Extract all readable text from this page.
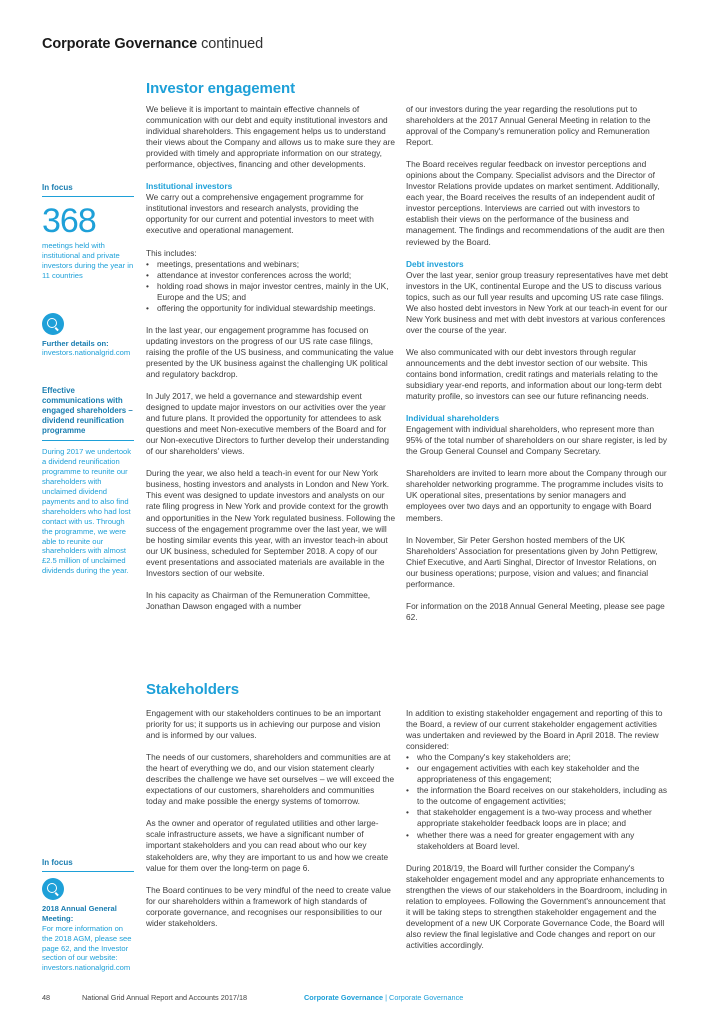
Corporate Governance continued
Investor engagement

We believe it is important to maintain effective channels of communication with our debt and equity institutional investors and individual shareholders. This engagement helps us to understand their views about the Company and allows us to make sure they are provided with timely and appropriate information on our strategy, performance, objectives, financing and other developments.

Institutional investors
We carry out a comprehensive engagement programme for institutional investors and research analysts, providing the opportunity for our current and potential investors to meet with executive and operational management.

This includes:
• meetings, presentations and webinars;
• attendance at investor conferences across the world;
• holding road shows in major investor centres, mainly in the UK, Europe and the US; and
• offering the opportunity for individual stewardship meetings.

In the last year, our engagement programme has focused on updating investors on the progress of our US rate case filings, raising the profile of the US business, and communicating the value presented by the UK business against the challenging UK political and regulatory backdrop.

In July 2017, we held a governance and stewardship event designed to update major investors on our activities over the year and future plans. It provided the opportunity for attendees to ask questions and meet Non-executive members of the Board and for our Non-executive Directors to further develop their understanding of our shareholders' views.

During the year, we also held a teach-in event for our New York business, hosting investors and analysts in London and New York. This event was designed to update investors and analysts on our rate filing progress in New York and provide context for the growth and opportunities in the New York regulated business. Following the success of the engagement programme over the last year, we will be hosting similar events this year, with an investor teach-in about our UK business, scheduled for September 2018. A copy of our event presentations and associated materials are available in the Investors section of our website.

In his capacity as Chairman of the Remuneration Committee, Jonathan Dawson engaged with a number

of our investors during the year regarding the resolutions put to shareholders at the 2017 Annual General Meeting in relation to the approval of the Company's remuneration policy and Remuneration Report.

The Board receives regular feedback on investor perceptions and opinions about the Company. Specialist advisors and the Director of Investor Relations provide updates on market sentiment. Additionally, each year, the Board receives the results of an independent audit of investor perceptions. Interviews are carried out with investors to establish their views on the performance of the business and management. The findings and recommendations of the audit are then reviewed by the Board.

Debt investors
Over the last year, senior group treasury representatives have met debt investors in the UK, continental Europe and the US to discuss various topics, such as our full year results and upcoming US rate case filings. We also hosted debt investors in New York at our teach-in event for our New York business and met with debt investors at various conferences over the course of the year.

We also communicated with our debt investors through regular announcements and the debt investor section of our website. This contains bond information, credit ratings and materials relating to the subsidiary year-end reports, and information about our long-term debt maturity profile, so investors can see our future refinancing needs.

Individual shareholders
Engagement with individual shareholders, who represent more than 95% of the total number of shareholders on our share register, is led by the Group General Counsel and Company Secretary.

Shareholders are invited to learn more about the Company through our shareholder networking programme. The programme includes visits to UK operational sites, presentations by senior managers and employees over two days and an opportunity to engage with Board members.

In November, Sir Peter Gershon hosted members of the UK Shareholders' Association for presentations given by John Pettigrew, Chief Executive, and Aarti Singhal, Director of Investor Relations, on our business operations; purpose, vision and values; and financial performance.

For information on the 2018 Annual General Meeting, please see page 62.

In focus
368
meetings held with institutional and private investors during the year in 11 countries
Further details on:
investors.nationalgrid.com
Effective communications with engaged shareholders – dividend reunification programme
During 2017 we undertook a dividend reunification programme to reunite our shareholders with unclaimed dividend payments and to also find shareholders who had lost contact with us. Through the programme, we were able to reunite our shareholders with almost £2.5 million of unclaimed dividends during the year.
Stakeholders

Engagement with our stakeholders continues to be an important priority for us; it supports us in achieving our purpose and vision and is informed by our values.

The needs of our customers, shareholders and communities are at the heart of everything we do, and our vision statement clearly describes the challenge we have set ourselves – we will exceed the expectations of our customers, shareholders and communities today and make possible the energy systems of tomorrow.

As the owner and operator of regulated utilities and other large-scale infrastructure assets, we have a significant number of important stakeholders and you can read about who our key stakeholders are, why they are important to us and how we create value for them over the long-term on page 6.

The Board continues to be very mindful of the need to create value for our shareholders within a framework of high standards of corporate governance, and recognises our responsibilities to our wider stakeholders.

In addition to existing stakeholder engagement and reporting of this to the Board, a review of our current stakeholder engagement activities was undertaken and reviewed by the Board in April 2018. The review considered:
• who the Company's key stakeholders are;
• our engagement activities with each key stakeholder and the appropriateness of this engagement;
• the information the Board receives on our stakeholders, including as to the outcome of engagement activities;
• that stakeholder engagement is a two-way process and whether appropriate stakeholder feedback loops are in place; and
• whether there was a need for greater engagement with any stakeholders at Board level.

During 2018/19, the Board will further consider the Company's stakeholder engagement model and any appropriate enhancements to strengthen the views of our stakeholders in the Boardroom, including in relation to employees. Following the Government's announcement that it will be taking steps to strengthen stakeholder engagement and the development of a new UK Corporate Governance Code, the Board will also review the final legislative and Code changes and report on our activities accordingly.

In focus
2018 Annual General Meeting:
For more information on the 2018 AGM, please see page 62, and the Investor section of our website:
investors.nationalgrid.com
48	National Grid Annual Report and Accounts 2017/18	Corporate Governance | Corporate Governance
